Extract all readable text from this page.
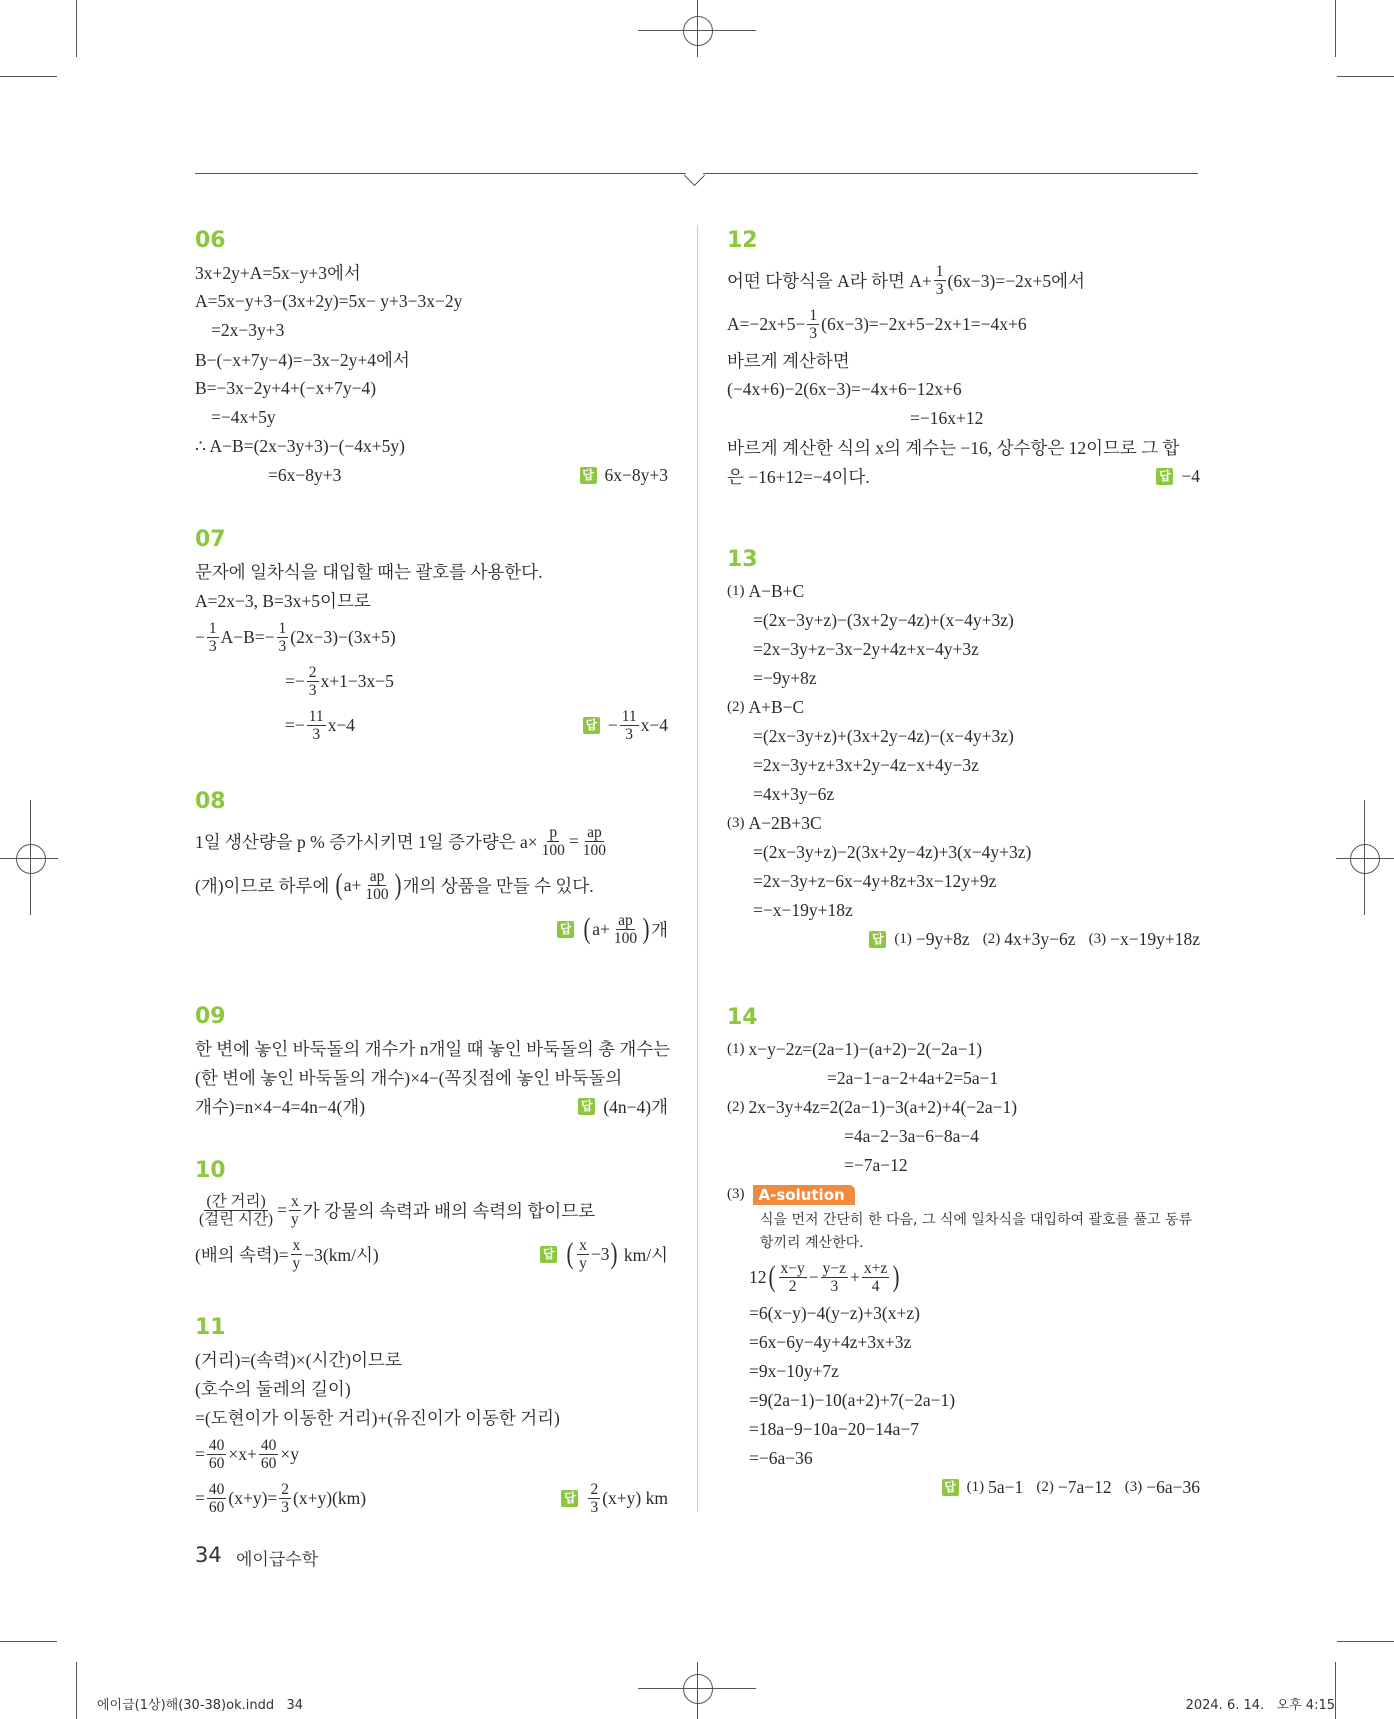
06
3x+2y+A=5x−y+3에서
A=5x−y+3−(3x+2y)=5x− y+3−3x−2y
=2x−3y+3
B−(−x+7y−4)=−3x−2y+4에서
B=−3x−2y+4+(−x+7y−4)
=−4x+5y
∴ A−B=(2x−3y+3)−(−4x+5y)
=6x−8y+3	답 6x−8y+3
07
문자에 일차식을 대입할 때는 괄호를 사용한다.
A=2x−3, B=3x+5이므로
− $\frac{1}{3} A-B=- \frac{1}{3} (2x-3)-(3x+5)$
=− $\frac{2}{3} x+1-3x-5$
=− $\frac{11}{3} x-4$	답 − $\frac{11}{3} x-4$
08
1일 생산량을 p % 증가시키면 1일 증가량은 $a\times \frac{p}{100} = \frac{ap}{100}$
(개)이므로 하루에 ( $a+ \frac{ap}{100}$ ) 개의 상품을 만들 수 있다.
답 ( $a+ \frac{ap}{100}$ ) 개
09
한 변에 놓인 바둑돌의 개수가 n개일 때 놓인 바둑돌의 총 개수는
(한 변에 놓인 바둑돌의 개수)×4−(꼭짓점에 놓인 바둑돌의
개수)=n×4−4=4n−4(개)	답 (4n−4)개
10
$\frac{\text{(간 거리)}}{\text{(걸린 시간)}} = \frac{x}{y}$ 가 강물의 속력과 배의 속력의 합이므로
(배의 속력)= $\frac{x}{y} -3(km/$시)	답 ( $\frac{x}{y} -3$ ) km/시
11
(거리)=(속력)×(시간)이므로
(호수의 둘레의 길이)
=(도현이가 이동한 거리)+(유진이가 이동한 거리)
= $\frac{40}{60} \times x+ \frac{40}{60} \times y$
= $\frac{40}{60} (x+y)= \frac{2}{3} (x+y)(km)$	답 $\frac{2}{3} (x+y)$ km
12
어떤 다항식을 A라 하면 $A+ \frac{1}{3} (6x-3)=-2x+5$에서
$A=-2x+5- \frac{1}{3} (6x-3)=-2x+5-2x+1=-4x+6$
바르게 계산하면
(−4x+6)−2(6x−3)=−4x+6−12x+6
=−16x+12
바르게 계산한 식의 x의 계수는 −16, 상수항은 12이므로 그 합
은 −16+12=−4이다.	답 −4
13
(1) A−B+C
=(2x−3y+z)−(3x+2y−4z)+(x−4y+3z)
=2x−3y+z−3x−2y+4z+x−4y+3z
=−9y+8z
(2) A+B−C
=(2x−3y+z)+(3x+2y−4z)−(x−4y+3z)
=2x−3y+z+3x+2y−4z−x+4y−3z
=4x+3y−6z
(3) A−2B+3C
=(2x−3y+z)−2(3x+2y−4z)+3(x−4y+3z)
=2x−3y+z−6x−4y+8z+3x−12y+9z
=−x−19y+18z
답 (1) −9y+8z (2) 4x+3y−6z (3) −x−19y+18z
14
(1) x−y−2z=(2a−1)−(a+2)−2(−2a−1)
=2a−1−a−2+4a+2=5a−1
(2) 2x−3y+4z=2(2a−1)−3(a+2)+4(−2a−1)
=4a−2−3a−6−8a−4
=−7a−12
(3) A-solution
식을 먼저 간단히 한 다음, 그 식에 일차식을 대입하여 괄호를 풀고 동류항끼리 계산한다.
12 ( $\frac{x-y}{2} - \frac{y-z}{3} + \frac{x+z}{4}$ )
=6(x−y)−4(y−z)+3(x+z)
=6x−6y−4y+4z+3x+3z
=9x−10y+7z
=9(2a−1)−10(a+2)+7(−2a−1)
=18a−9−10a−20−14a−7
=−6a−36
답 (1) 5a−1 (2) −7a−12 (3) −6a−36
34 에이급수학
에이급(1상)해(30-38)ok.indd   34	2024. 6. 14.   오후 4:15
